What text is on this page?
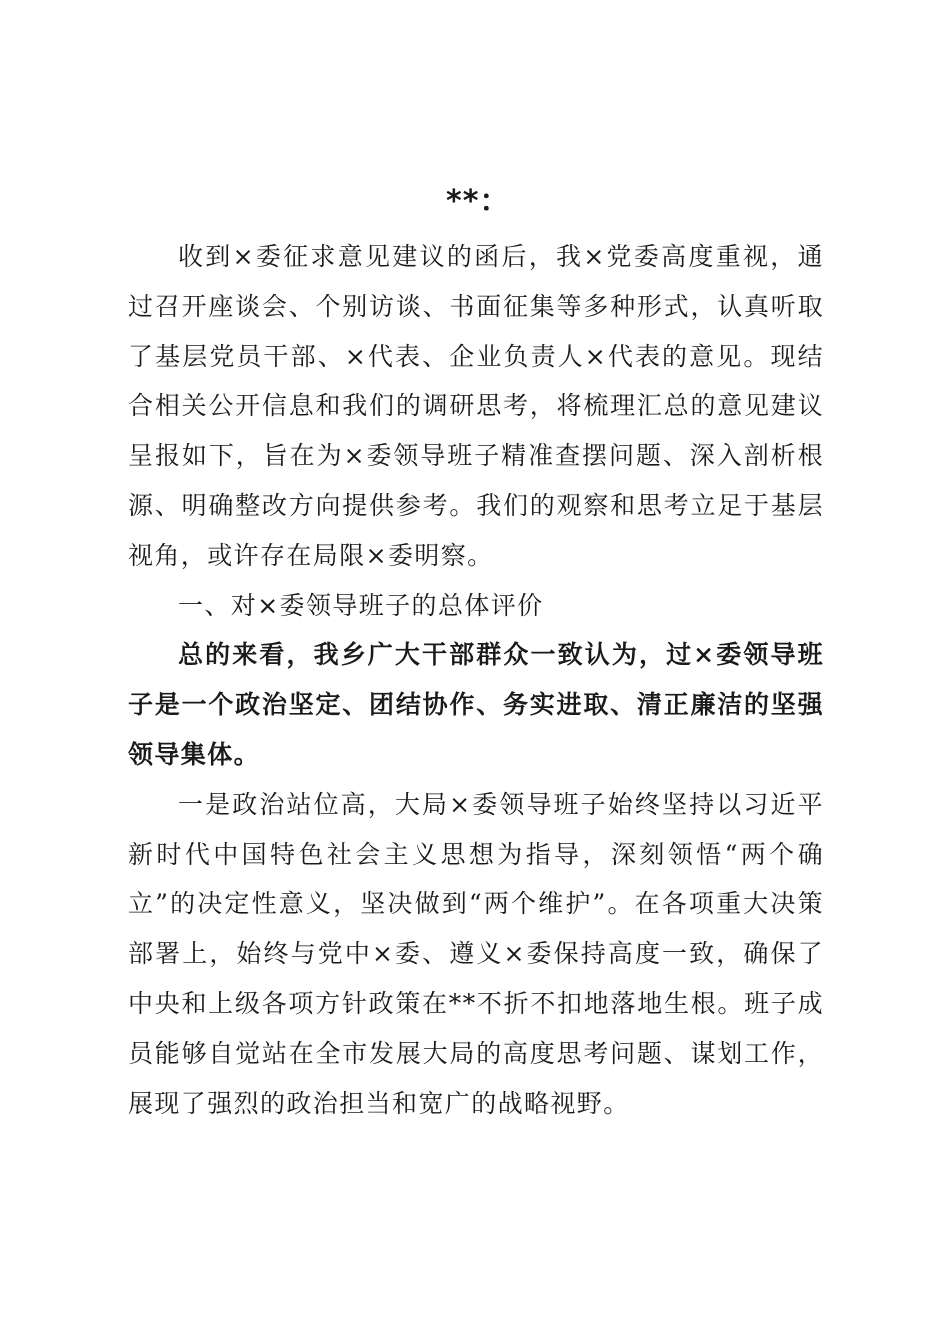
**：

收到×委征求意见建议的函后，我×党委高度重视，通过召开座谈会、个别访谈、书面征集等多种形式，认真听取了基层党员干部、×代表、企业负责人×代表的意见。现结合相关公开信息和我们的调研思考，将梳理汇总的意见建议呈报如下，旨在为×委领导班子精准查摆问题、深入剖析根源、明确整改方向提供参考。我们的观察和思考立足于基层视角，或许存在局限×委明察。

一、对×委领导班子的总体评价

总的来看，我乡广大干部群众一致认为，过×委领导班子是一个政治坚定、团结协作、务实进取、清正廉洁的坚强领导集体。

一是政治站位高，大局×委领导班子始终坚持以习近平新时代中国特色社会主义思想为指导，深刻领悟“两个确立”的决定性意义，坚决做到“两个维护”。在各项重大决策部署上，始终与党中×委、遵义×委保持高度一致，确保了中央和上级各项方针政策在**不折不扣地落地生根。班子成员能够自觉站在全市发展大局的高度思考问题、谋划工作，展现了强烈的政治担当和宽广的战略视野。
